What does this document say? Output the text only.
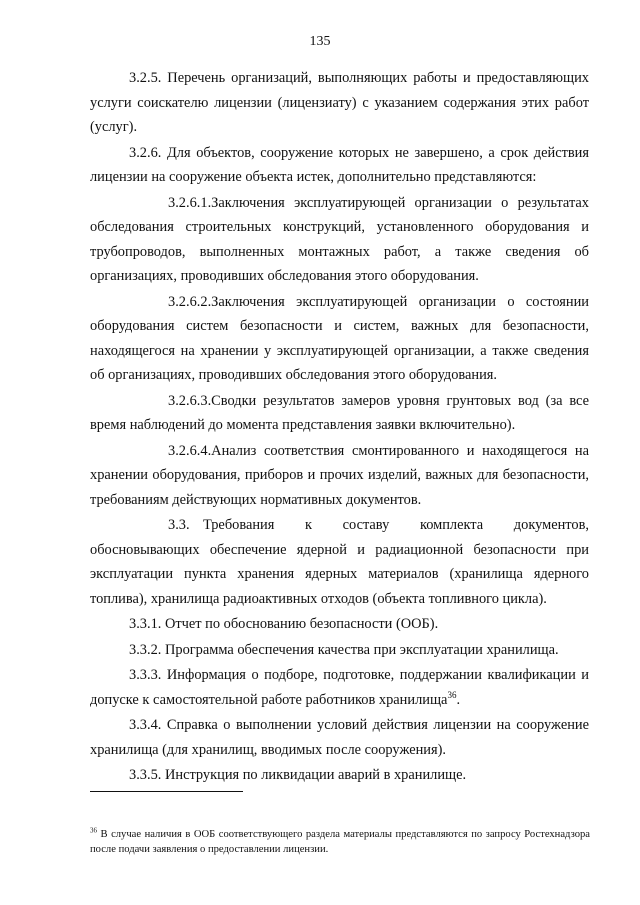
135

3.2.5. Перечень организаций, выполняющих работы и предоставляющих услуги соискателю лицензии (лицензиату) с указанием содержания этих работ (услуг).

3.2.6. Для объектов, сооружение которых не завершено, а срок действия лицензии на сооружение объекта истек, дополнительно представляются:

3.2.6.1.Заключения эксплуатирующей организации о результатах обследования строительных конструкций, установленного оборудования и трубопроводов, выполненных монтажных работ, а также сведения об организациях, проводивших обследования этого оборудования.

3.2.6.2.Заключения эксплуатирующей организации о состоянии оборудования систем безопасности и систем, важных для безопасности, находящегося на хранении у эксплуатирующей организации, а также сведения об организациях, проводивших обследования этого оборудования.

3.2.6.3.Сводки результатов замеров уровня грунтовых вод (за все время наблюдений до момента представления заявки включительно).

3.2.6.4.Анализ соответствия смонтированного и находящегося на хранении оборудования, приборов и прочих изделий, важных для безопасности, требованиям действующих нормативных документов.

3.3. Требования к составу комплекта документов, обосновывающих обеспечение ядерной и радиационной безопасности при эксплуатации пункта хранения ядерных материалов (хранилища ядерного топлива), хранилища радиоактивных отходов (объекта топливного цикла).

3.3.1. Отчет по обоснованию безопасности (ООБ).

3.3.2. Программа обеспечения качества при эксплуатации хранилища.

3.3.3. Информация о подборе, подготовке, поддержании квалификации и допуске к самостоятельной работе работников хранилища$^{36}$.

3.3.4. Справка о выполнении условий действия лицензии на сооружение хранилища (для хранилищ, вводимых после сооружения).

3.3.5. Инструкция по ликвидации аварий в хранилище.

$^{36}$ В случае наличия в ООБ соответствующего раздела материалы представляются по запросу Ростехнадзора после подачи заявления о предоставлении лицензии.
